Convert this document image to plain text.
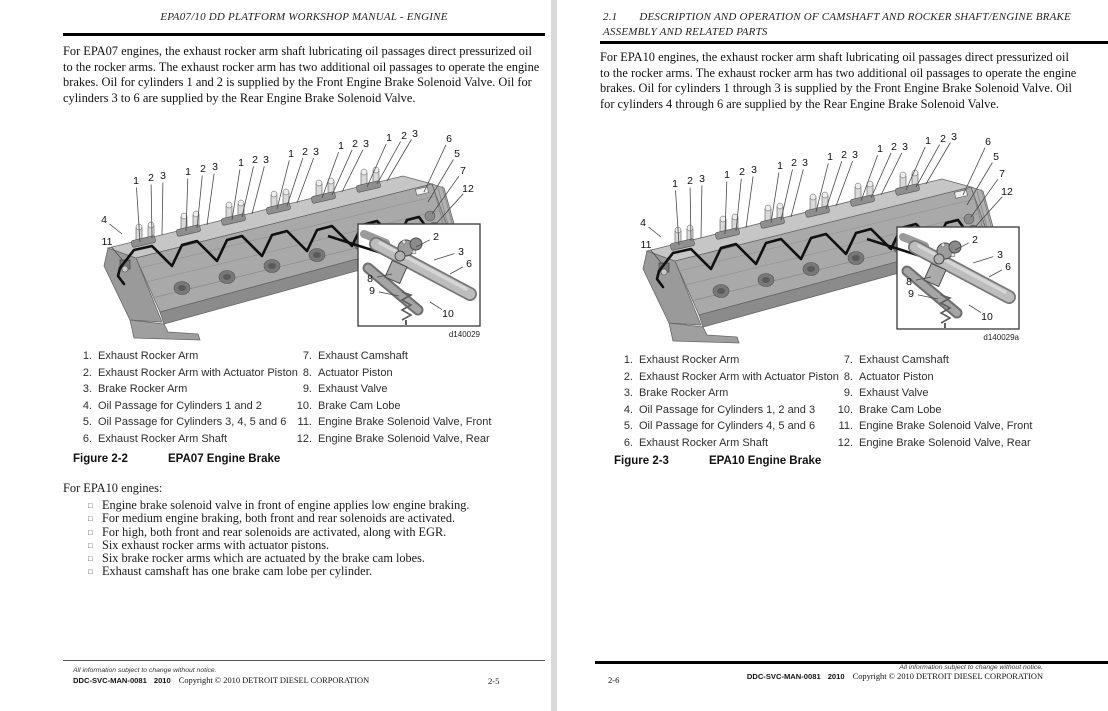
EPA07/10 DD PLATFORM WORKSHOP MANUAL - ENGINE

For EPA07 engines, the exhaust rocker arm shaft lubricating oil passages direct pressurized oil to the rocker arms. The exhaust rocker arm has two additional oil passages to operate the engine brakes. Oil for cylinders 1 and 2 is supplied by the Front Engine Brake Solenoid Valve. Oil for cylinders 3 to 6 are supplied by the Rear Engine Brake Solenoid Valve.

1 2 3 1 2 3 1 2 3 1 2 3 1 2 3 1 2 3	6
5
7
12
4
11	2
3
6
8
9
10
d140029
1. Exhaust Rocker Arm
2. Exhaust Rocker Arm with Actuator Piston
3. Brake Rocker Arm
4. Oil Passage for Cylinders 1 and 2
5. Oil Passage for Cylinders 3, 4, 5 and 6
6. Exhaust Rocker Arm Shaft
7. Exhaust Camshaft
8. Actuator Piston
9. Exhaust Valve
10. Brake Cam Lobe
11. Engine Brake Solenoid Valve, Front
12. Engine Brake Solenoid Valve, Rear
Figure 2-2	EPA07 Engine Brake

For EPA10 engines:

□ Engine brake solenoid valve in front of engine applies low engine braking.
□ For medium engine braking, both front and rear solenoids are activated.
□ For high, both front and rear solenoids are activated, along with EGR.
□ Six exhaust rocker arms with actuator pistons.
□ Six brake rocker arms which are actuated by the brake cam lobes.
□ Exhaust camshaft has one brake cam lobe per cylinder.
All information subject to change without notice.
DDC-SVC-MAN-0081 2010 Copyright © 2010 DETROIT DIESEL CORPORATION	2-5
2.1 DESCRIPTION AND OPERATION OF CAMSHAFT AND ROCKER SHAFT/ENGINE BRAKE ASSEMBLY AND RELATED PARTS

For EPA10 engines, the exhaust rocker arm shaft lubricating oil passages direct pressurized oil to the rocker arms. The exhaust rocker arm has two additional oil passages to operate the engine brakes. Oil for cylinders 1 through 3 is supplied by the Front Engine Brake Solenoid Valve. Oil for cylinders 4 through 6 are supplied by the Rear Engine Brake Solenoid Valve.

1 2 3 1 2 3 1 2 3 1 2 3 1 2 3 1 2 3	6
5
7
12
4
11	2
3
6
8
9
10
d140029a
1. Exhaust Rocker Arm
2. Exhaust Rocker Arm with Actuator Piston
3. Brake Rocker Arm
4. Oil Passage for Cylinders 1, 2 and 3
5. Oil Passage for Cylinders 4, 5 and 6
6. Exhaust Rocker Arm Shaft
7. Exhaust Camshaft
8. Actuator Piston
9. Exhaust Valve
10. Brake Cam Lobe
11. Engine Brake Solenoid Valve, Front
12. Engine Brake Solenoid Valve, Rear
Figure 2-3	EPA10 Engine Brake
2-6
All information subject to change without notice.
DDC-SVC-MAN-0081 2010 Copyright © 2010 DETROIT DIESEL CORPORATION
